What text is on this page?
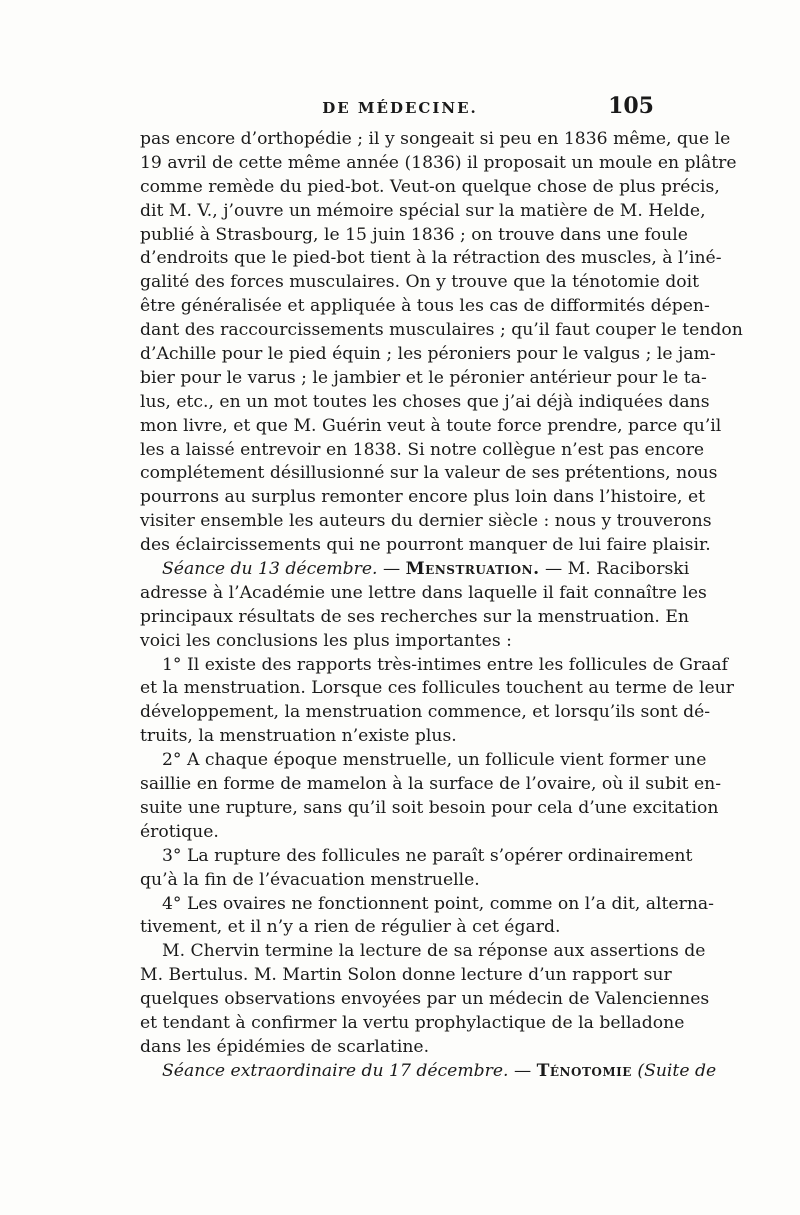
DE MÉDECINE.	105
pas encore d’orthopédie ; il y songeait si peu en 1836 même, que le
19 avril de cette même année (1836) il proposait un moule en plâtre
comme remède du pied-bot. Veut-on quelque chose de plus précis,
dit M. V., j’ouvre un mémoire spécial sur la matière de M. Helde,
publié à Strasbourg, le 15 juin 1836 ; on trouve dans une foule
d’endroits que le pied-bot tient à la rétraction des muscles, à l’iné-
galité des forces musculaires. On y trouve que la ténotomie doit
être généralisée et appliquée à tous les cas de difformités dépen-
dant des raccourcissements musculaires ; qu’il faut couper le tendon
d’Achille pour le pied équin ; les péroniers pour le valgus ; le jam-
bier pour le varus ; le jambier et le péronier antérieur pour le ta-
lus, etc., en un mot toutes les choses que j’ai déjà indiquées dans
mon livre, et que M. Guérin veut à toute force prendre, parce qu’il
les a laissé entrevoir en 1838. Si notre collègue n’est pas encore
complétement désillusionné sur la valeur de ses prétentions, nous
pourrons au surplus remonter encore plus loin dans l’histoire, et
visiter ensemble les auteurs du dernier siècle : nous y trouverons
des éclaircissements qui ne pourront manquer de lui faire plaisir.
Séance du 13 décembre. — Menstruation. — M. Raciborski
adresse à l’Académie une lettre dans laquelle il fait connaître les
principaux résultats de ses recherches sur la menstruation. En
voici les conclusions les plus importantes :
1° Il existe des rapports très-intimes entre les follicules de Graaf
et la menstruation. Lorsque ces follicules touchent au terme de leur
développement, la menstruation commence, et lorsqu’ils sont dé-
truits, la menstruation n’existe plus.
2° A chaque époque menstruelle, un follicule vient former une
saillie en forme de mamelon à la surface de l’ovaire, où il subit en-
suite une rupture, sans qu’il soit besoin pour cela d’une excitation
érotique.
3° La rupture des follicules ne paraît s’opérer ordinairement
qu’à la fin de l’évacuation menstruelle.
4° Les ovaires ne fonctionnent point, comme on l’a dit, alterna-
tivement, et il n’y a rien de régulier à cet égard.
M. Chervin termine la lecture de sa réponse aux assertions de
M. Bertulus. M. Martin Solon donne lecture d’un rapport sur
quelques observations envoyées par un médecin de Valenciennes
et tendant à confirmer la vertu prophylactique de la belladone
dans les épidémies de scarlatine.
Séance extraordinaire du 17 décembre. — Ténotomie (Suite de
